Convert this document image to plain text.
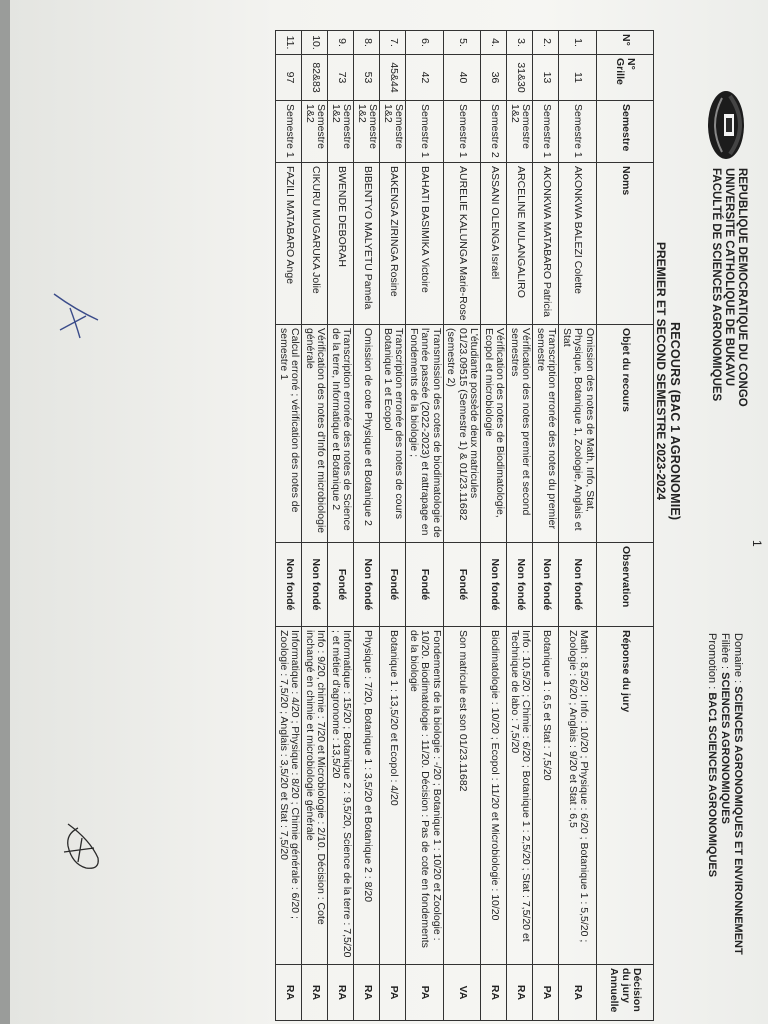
1
REPUBLIQUE DEMOCRATIQUE DU CONGO
UNIVERSITE CATHOLIQUE DE BUKAVU
FACULTÉ DE SCIENCES AGRONOMIQUES
Domaine : SCIENCES AGRONOMIQUES ET ENVIRONNEMENT
Filière : SCIENCES AGRONOMIQUES
Promotion : BAC1 SCIENCES AGRONOMIQUES
RECOURS (BAC 1 AGRONOMIE)
PREMIER ET SECOND SEMESTRE 2023-2024
N°	N° Grille	Semestre	Noms	Objet du recours	Observation	Réponse du jury	Décision du jury Annuelle
1.	11	Semestre 1	AKONKWA BALEZI Colette	Omission des notes de Math, Info, Stat, Physique, Botanique 1, Zoologie, Anglais et Stat	Non fondé	Math : 8,5/20 ; Info : 10/20 ; Physique : 6/20 ; Botanique 1 : 5,5/20 ; Zoologie : 6/20 ; Anglais : 9/20 et Stat : 6,5	RA
2.	13	Semestre 1	AKONKWA MATABARO Patricia	Transcription erronée des notes du premier semestre	Non fondé	Botanique 1 : 6,5 et Stat : 7,5/20	PA
3.	31&30	Semestre 1&2	ARCELINE MULANGALIRO	Vérification des notes premier et second semestres	Non fondé	Info : 10,5/20 ; Chimie : 6/20 ; Botanique 1 : 2,5/20 ; Stat : 7,5/20 et Technique de labo : 7,5/20	RA
4.	36	Semestre 2	ASSANI OLENGA Israël	Vérification des notes de Biodimatologie, Ecopol et microbiologie	Non fondé	Biodimatologie : 10/20 ; Ecopol : 11/20 et Microbiologie : 10/20	RA
5.	40	Semestre 1	AURELIE KALUNGA Marie-Rose	L'étudiante possède deux matricules 01/23.09515 (Semestre 1) & 01/23.11682 (semestre 2)	Fondé	Son matricule est son 01/23.11682	VA
6.	42	Semestre 1	BAHATI BASIMIKA Victoire	Transmission des cotes de biodimatologie de l'année passée (2022-2023) et rattrapage en Fondements de la biologie ;	Fondé	Fondements de la biologie : -/20 ; Botanique 1 : 10/20 et Zoologie : 10/20. Biodimatologie : 11/20. Décision : Pas de cote en fondements de la biologie	PA
7.	45&44	Semestre 1&2	BAKENGA ZIRINGA Rosine	Transcription erronée des notes de cours Botanique 1 et Ecopol	Fondé	Botanique 1 : 13,5/20 et Ecopol : 4/20	PA
8.	53	Semestre 1&2	BIBENTYO MALYETU Pamela	Omission de cote Physique et Botanique 2	Non fondé	Physique : 7/20, Botanique 1 : 3,5/20 et Botanique 2 : 8/20	RA
9.	73	Semestre 1&2	BWENDE DEBORAH	Transcription erronée des notes de Science de la terre, Informatique et Botanique 2	Fondé	Informatique : 15/20 ; Botanique 2 : 9,5/20, Science de la terre : 7,5/20 ; et métier d'agronome : 13,5/20	RA
10.	82&83	Semestre 1&2	CIKURU MUGARUKA Jolie	Vérification des notes d'Info et microbiologie générale	Non fondé	Info : 9/20, chimie : 7/20 et Microbiologie : 2/10. Décision : Cote inchangé en chimie et microbiologie générale	RA
11.	97	Semestre 1	FAZILI MATABARO Ange	Calcul erroné ; vérification des notes de semestre 1	Non fondé	Informatique : 4/20 ; Physique : 8/20 ; Chimie générale : 6/20 ; Zoologie : 7,5/20 ; Anglais : 3,5/20 et Stat : 7,5/20	RA
